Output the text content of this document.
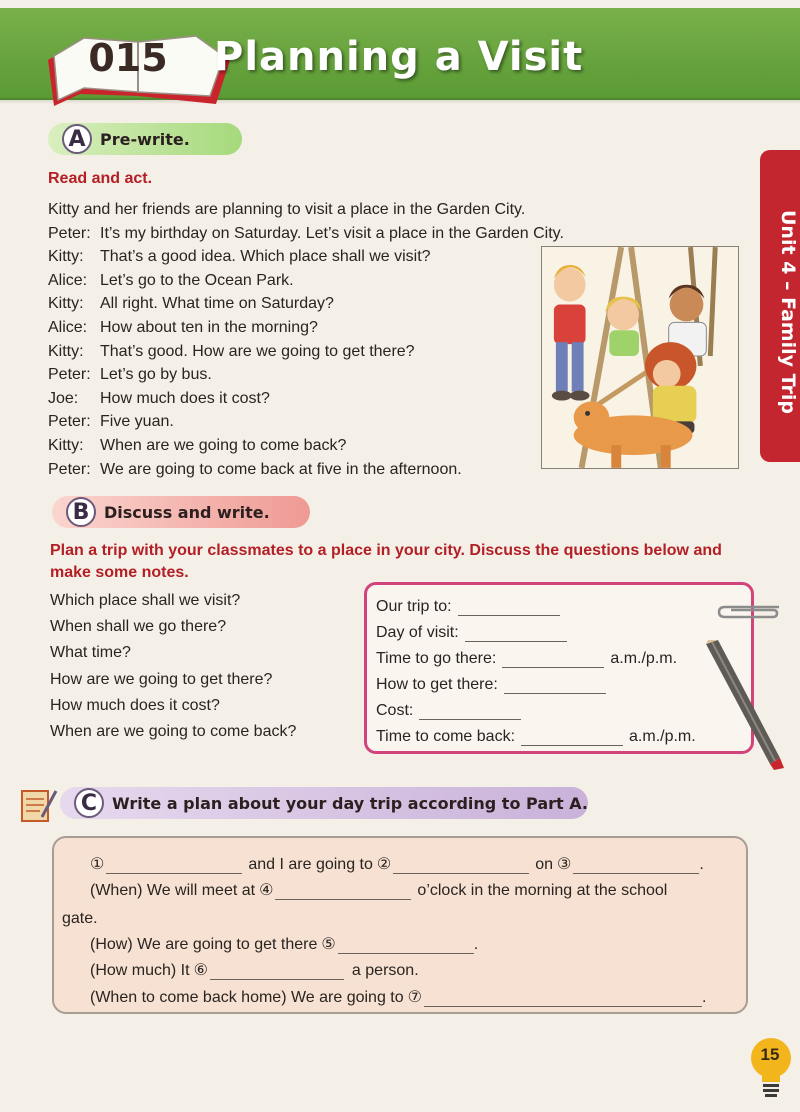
015 Planning a Visit
Unit 4 – Family Trip
A Pre-write.
Read and act.
Kitty and her friends are planning to visit a place in the Garden City.
Peter: It’s my birthday on Saturday. Let’s visit a place in the Garden City.
Kitty:	That’s a good idea. Which place shall we visit?
Alice: Let’s go to the Ocean Park.
Kitty:	All right. What time on Saturday?
Alice: How about ten in the morning?
Kitty:	That’s good. How are we going to get there?
Peter: Let’s go by bus.
Joe:	How much does it cost?
Peter: Five yuan.
Kitty:	When are we going to come back?
Peter: We are going to come back at five in the afternoon.
B Discuss and write.
Plan a trip with your classmates to a place in your city. Discuss the questions below and make some notes.
Which place shall we visit?
When shall we go there?
What time?
How are we going to get there?
How much does it cost?
When are we going to come back?
Our trip to:
Day of visit:
Time to go there:	a.m./p.m.
How to get there:
Cost:
Time to come back:	a.m./p.m.
C Write a plan about your day trip according to Part A.
①	and I are going to ②	on ③	.
(When) We will meet at ④	o’clock in the morning at the school
gate.
(How) We are going to get there ⑤	.
(How much) It ⑥	a person.
(When to come back home) We are going to ⑦	.
15
